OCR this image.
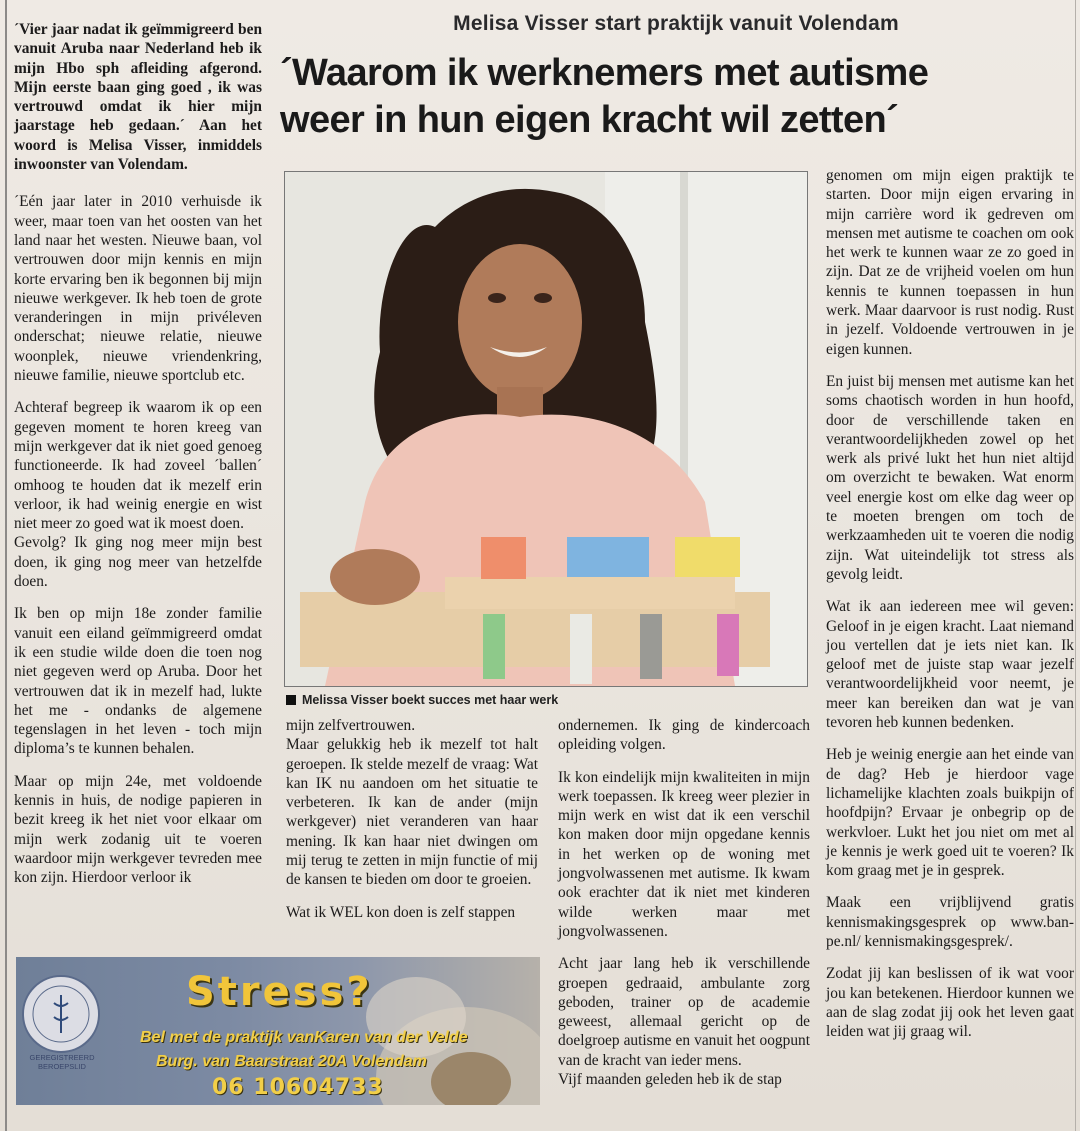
´Vier jaar nadat ik geïmmigreerd ben vanuit Aruba naar Nederland heb ik mijn Hbo sph afleiding afgerond. Mijn eerste baan ging goed , ik was vertrouwd omdat ik hier mijn jaarstage heb gedaan.´ Aan het woord is Melisa Visser, inmiddels inwoonster van Volendam.

´Eén jaar later in 2010 verhuisde ik weer, maar toen van het oosten van het land naar het westen. Nieuwe baan, vol vertrouwen door mijn kennis en mijn korte ervaring ben ik begonnen bij mijn nieuwe werkgever. Ik heb toen de grote veranderingen in mijn privéleven onderschat; nieuwe relatie, nieuwe woonplek, nieuwe vriendenkring, nieuwe familie, nieuwe sportclub etc.

Achteraf begreep ik waarom ik op een gegeven moment te horen kreeg van mijn werkgever dat ik niet goed genoeg functioneerde. Ik had zoveel ´ballen´ omhoog te houden dat ik mezelf erin verloor, ik had weinig energie en wist niet meer zo goed wat ik moest doen.

Gevolg? Ik ging nog meer mijn best doen, ik ging nog meer van hetzelfde doen.

Ik ben op mijn 18e zonder familie vanuit een eiland geïmmigreerd omdat ik een studie wilde doen die toen nog niet gegeven werd op Aruba. Door het vertrouwen dat ik in mezelf had, lukte het me - ondanks de algemene tegenslagen in het leven - toch mijn diploma’s te kunnen behalen.

Maar op mijn 24e, met voldoende kennis in huis, de nodige papieren in bezit kreeg ik het niet voor elkaar om mijn werk zodanig uit te voeren waardoor mijn werkgever tevreden mee kon zijn. Hierdoor verloor ik

Melisa Visser start praktijk vanuit Volendam
´Waarom ik werknemers met autisme
weer in hun eigen kracht wil zetten´
Melissa Visser boekt succes met haar werk

mijn zelfvertrouwen.

Maar gelukkig heb ik mezelf tot halt geroepen. Ik stelde mezelf de vraag: Wat kan IK nu aandoen om het situatie te verbeteren. Ik kan de ander (mijn werkgever) niet veranderen van haar mening. Ik kan haar niet dwingen om mij terug te zetten in mijn functie of mij de kansen te bieden om door te groeien.

Wat ik WEL kon doen is zelf stappen

ondernemen. Ik ging de kindercoach opleiding volgen.

Ik kon eindelijk mijn kwaliteiten in mijn werk toepassen. Ik kreeg weer plezier in mijn werk en wist dat ik een verschil kon maken door mijn opgedane kennis in het werken op de woning met jongvolwassenen met autisme. Ik kwam ook erachter dat ik niet met kinderen wilde werken maar met jongvolwassenen.

Acht jaar lang heb ik verschillende groepen gedraaid, ambulante zorg geboden, trainer op de academie geweest, allemaal gericht op de doelgroep autisme en vanuit het oogpunt van de kracht van ieder mens.

Vijf maanden geleden heb ik de stap

genomen om mijn eigen praktijk te starten. Door mijn eigen ervaring in mijn carrière word ik gedreven om mensen met autisme te coachen om ook het werk te kunnen waar ze zo goed in zijn. Dat ze de vrijheid voelen om hun kennis te kunnen toepassen in hun werk. Maar daarvoor is rust nodig. Rust in jezelf. Voldoende vertrouwen in je eigen kunnen.

En juist bij mensen met autisme kan het soms chaotisch worden in hun hoofd, door de verschillende taken en verantwoordelijkheden zowel op het werk als privé lukt het hun niet altijd om overzicht te bewaken. Wat enorm veel energie kost om elke dag weer op te moeten brengen om toch de werkzaamheden uit te voeren die nodig zijn. Wat uiteindelijk tot stress als gevolg leidt.

Wat ik aan iedereen mee wil geven: Geloof in je eigen kracht. Laat niemand jou vertellen dat je iets niet kan. Ik geloof met de juiste stap waar jezelf verantwoordelijkheid voor neemt, je meer kan bereiken dan wat je van tevoren heb kunnen bedenken.

Heb je weinig energie aan het einde van de dag? Heb je hierdoor vage lichamelijke klachten zoals buikpijn of hoofdpijn? Ervaar je onbegrip op de werkvloer. Lukt het jou niet om met al je kennis je werk goed uit te voeren? Ik kom graag met je in gesprek.

Maak een vrijblijvend gratis kennismakingsgesprek op www.ban-pe.nl/ kennismakingsgesprek/.

Zodat jij kan beslissen of ik wat voor jou kan betekenen. Hierdoor kunnen we aan de slag zodat jij ook het leven gaat leiden wat jij graag wil.

GEREGISTREERD BEROEPSLID
Stress?
Bel met de praktijk vanKaren van der Velde
Burg. van Baarstraat 20A Volendam
06 10604733
